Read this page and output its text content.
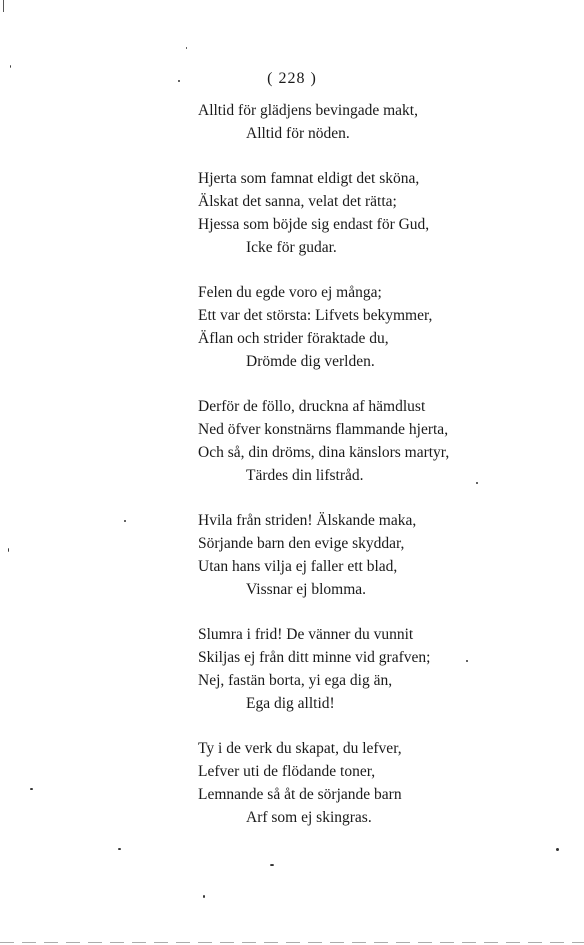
( 228 )
Alltid för glädjens bevingade makt,
Alltid för nöden.
Hjerta som famnat eldigt det sköna,
Älskat det sanna, velat det rätta;
Hjessa som böjde sig endast för Gud,
Icke för gudar.
Felen du egde voro ej många;
Ett var det största: Lifvets bekymmer,
Äflan och strider föraktade du,
Drömde dig verlden.
Derför de föllo, druckna af hämdlust
Ned öfver konstnärns flammande hjerta,
Och så, din dröms, dina känslors martyr,
Tärdes din lifstråd.
Hvila från striden! Älskande maka,
Sörjande barn den evige skyddar,
Utan hans vilja ej faller ett blad,
Vissnar ej blomma.
Slumra i frid! De vänner du vunnit
Skiljas ej från ditt minne vid grafven;
Nej, fastän borta, yi ega dig än,
Ega dig alltid!
Ty i de verk du skapat, du lefver,
Lefver uti de flödande toner,
Lemnande så åt de sörjande barn
Arf som ej skingras.
